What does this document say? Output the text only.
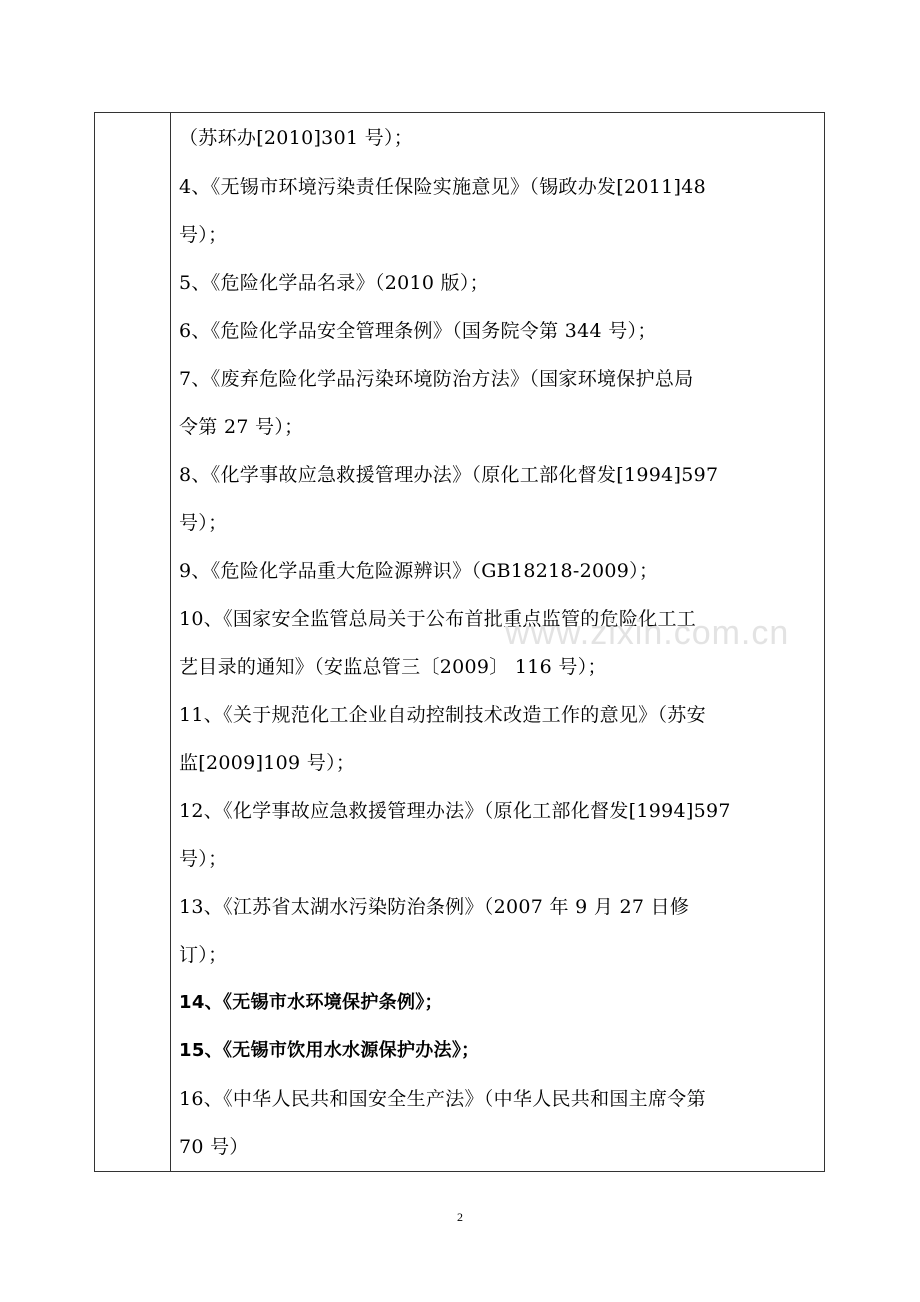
（苏环办[2010]301 号）；
4、《无锡市环境污染责任保险实施意见》（锡政办发[2011]48
号）；
5、《危险化学品名录》（2010 版）；
6、《危险化学品安全管理条例》（国务院令第 344 号）；
7、《废弃危险化学品污染环境防治方法》（国家环境保护总局
令第 27 号）；
8、《化学事故应急救援管理办法》（原化工部化督发[1994]597
号）；
9、《危险化学品重大危险源辨识》（GB18218-2009）；
10、《国家安全监管总局关于公布首批重点监管的危险化工工
艺目录的通知》（安监总管三〔2009〕 116 号）；
11、《关于规范化工企业自动控制技术改造工作的意见》（苏安
监[2009]109 号）；
12、《化学事故应急救援管理办法》（原化工部化督发[1994]597
号）；
13、《江苏省太湖水污染防治条例》（2007 年 9 月 27 日修
订）；
14、《无锡市水环境保护条例》；
15、《无锡市饮用水水源保护办法》；
16、《中华人民共和国安全生产法》（中华人民共和国主席令第
70 号）
www.zixin.com.cn
2
